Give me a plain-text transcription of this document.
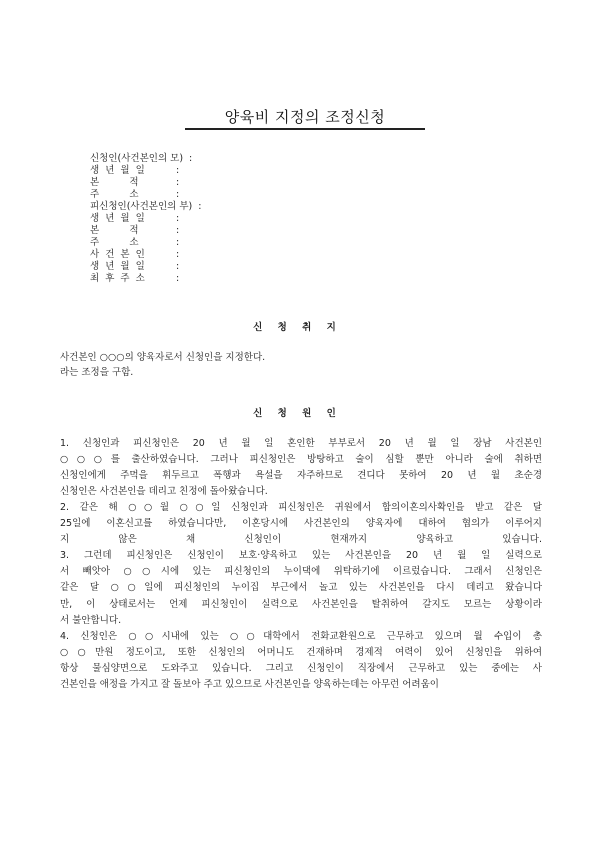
양육비 지정의 조정신청
신청인(사건본인의 모) :
생  년  월  일	:
본          적	:
주          소	:
피신청인(사건본인의 부) :
생  년  월  일	:
본          적	:
주          소	:
사  건  본  인	:
생  년  월  일	:
최  후  주  소	:
신 청 취 지
사건본인 ○○○의 양육자로서 신청인을 지정한다.
라는 조정을 구함.
신 청 원 인
1. 신청인과 피신청인은 20 년 월 일 혼인한 부부로서 20 년 월 일 장남 사건본인
○○○를 출산하였습니다. 그러나 피신청인은 방탕하고 술이 심할 뿐만 아니라 술에 취하면
신청인에게 주먹을 휘두르고 폭행과 욕설을 자주하므로 견디다 못하여 20 년 월 초순경
신청인은 사건본인을 데리고 친정에 돌아왔습니다.
2. 같은 해 ○○월 ○○일 신청인과 피신청인은 귀원에서 합의이혼의사확인을 받고 같은 달
25일에 이혼신고를 하였습니다만, 이혼당시에 사건본인의 양육자에 대하여 협의가 이루어지
지 않은 채 신청인이 현재까지 양육하고 있습니다.
3. 그런데 피신청인은 신청인이 보호·양육하고 있는 사건본인을 20 년 월 일 실력으로
서 빼앗아 ○○시에 있는 피신청인의 누이댁에 위탁하기에 이르렀습니다. 그래서 신청인은
같은 달 ○○일에 피신청인의 누이집 부근에서 놀고 있는 사건본인을 다시 데리고 왔습니다
만, 이 상태로서는 언제 피신청인이 실력으로 사건본인을 탈취하여 갈지도 모르는 상황이라
서 불안합니다.
4. 신청인은 ○○시내에 있는 ○○대학에서 전화교환원으로 근무하고 있으며 월 수입이 총
○○만원 정도이고, 또한 신청인의 어머니도 건재하며 경제적 여력이 있어 신청인을 위하여
항상 물심양면으로 도와주고 있습니다. 그리고 신청인이 직장에서 근무하고 있는 중에는 사
건본인을 애정을 가지고 잘 돌보아 주고 있으므로 사건본인을 양육하는데는 아무런 어려움이
